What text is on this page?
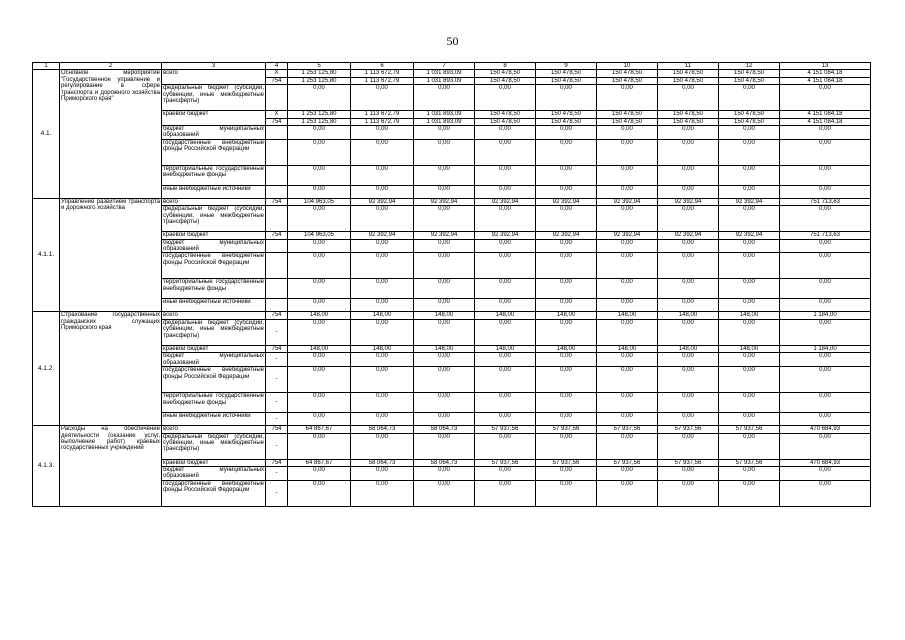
50
1	2	3	4	5	6	7	8	9	10	11	12	13
4.1.	Основное мероприятие "Государственное управление и регулирование в сфере транспорта и дорожного хозяйства Приморского края"	всего	X	1 253 125,80	1 113 672,79	1 031 893,09	150 478,50	150 478,50	150 478,50	150 478,50	150 478,50	4 151 084,18
			754	1 253 125,80	1 113 672,79	1 031 893,09	150 478,50	150 478,50	150 478,50	150 478,50	150 478,50	4 151 084,18
		федеральный бюджет (субсидии, субвенции, иные межбюджетные трансферты)		0,00	0,00	0,00	0,00	0,00	0,00	0,00	0,00	0,00
		краевой бюджет	X	1 253 125,80	1 113 672,79	1 031 893,09	150 478,50	150 478,50	150 478,50	150 478,50	150 478,50	4 151 084,18
			754	1 253 125,80	1 113 672,79	1 031 893,09	150 478,50	150 478,50	150 478,50	150 478,50	150 478,50	4 151 084,18
		бюджет муниципальных образований		0,00	0,00	0,00	0,00	0,00	0,00	0,00	0,00	0,00
		государственные внебюджетные фонды Российской Федерации		0,00	0,00	0,00	0,00	0,00	0,00	0,00	0,00	0,00
		территориальные государственные внебюджетные фонды		0,00	0,00	0,00	0,00	0,00	0,00	0,00	0,00	0,00
		иные внебюджетные источники		0,00	0,00	0,00	0,00	0,00	0,00	0,00	0,00	0,00
4.1.1.	Управление развитием транспорта и дорожного хозяйства	всего	754	104 963,05	92 392,94	92 392,94	92 392,94	92 392,94	92 392,94	92 392,94	92 392,94	751 713,63
		федеральный бюджет (субсидии, субвенции, иные межбюджетные трансферты)		0,00	0,00	0,00	0,00	0,00	0,00	0,00	0,00	0,00
		краевой бюджет	754	104 963,05	92 392,94	92 392,94	92 392,94	92 392,94	92 392,94	92 392,94	92 392,94	751 713,63
		бюджет муниципальных образований		0,00	0,00	0,00	0,00	0,00	0,00	0,00	0,00	0,00
		государственные внебюджетные фонды Российской Федерации		0,00	0,00	0,00	0,00	0,00	0,00	0,00	0,00	0,00
		территориальные государственные внебюджетные фонды		0,00	0,00	0,00	0,00	0,00	0,00	0,00	0,00	0,00
		иные внебюджетные источники		0,00	0,00	0,00	0,00	0,00	0,00	0,00	0,00	0,00
4.1.2.	Страхование государственных гражданских служащих Приморского края	всего	754	148,00	148,00	148,00	148,00	148,00	148,00	148,00	148,00	1 184,00
		федеральный бюджет (субсидии, субвенции, иные межбюджетные трансферты)	-	0,00	0,00	0,00	0,00	0,00	0,00	0,00	0,00	0,00
		краевой бюджет	754	148,00	148,00	148,00	148,00	148,00	148,00	148,00	148,00	1 184,00
		бюджет муниципальных образований	-	0,00	0,00	0,00	0,00	0,00	0,00	0,00	0,00	0,00
		государственные внебюджетные фонды Российской Федерации	-	0,00	0,00	0,00	0,00	0,00	0,00	0,00	0,00	0,00
		территориальные государственные внебюджетные фонды	-	0,00	0,00	0,00	0,00	0,00	0,00	0,00	0,00	0,00
		иные внебюджетные источники	-	0,00	0,00	0,00	0,00	0,00	0,00	0,00	0,00	0,00
4.1.3.	Расходы на обеспечение деятельности (оказание услуг, выполнение работ) краевых государственных учреждений	всего	754	64 867,67	58 064,73	58 064,73	57 937,56	57 937,56	57 937,56	57 937,56	57 937,56	470 684,93
		федеральный бюджет (субсидии, субвенции, иные межбюджетные трансферты)	-	0,00	0,00	0,00	0,00	0,00	0,00	0,00	0,00	0,00
		краевой бюджет	754	64 867,67	58 064,73	58 064,73	57 937,56	57 937,56	57 937,56	57 937,56	57 937,56	470 684,93
		бюджет муниципальных образований	-	0,00	0,00	0,00	0,00	0,00	0,00	0,00	0,00	0,00
		государственные внебюджетные фонды Российской Федерации	-	0,00	0,00	0,00	0,00	0,00	0,00	0,00	0,00	0,00
